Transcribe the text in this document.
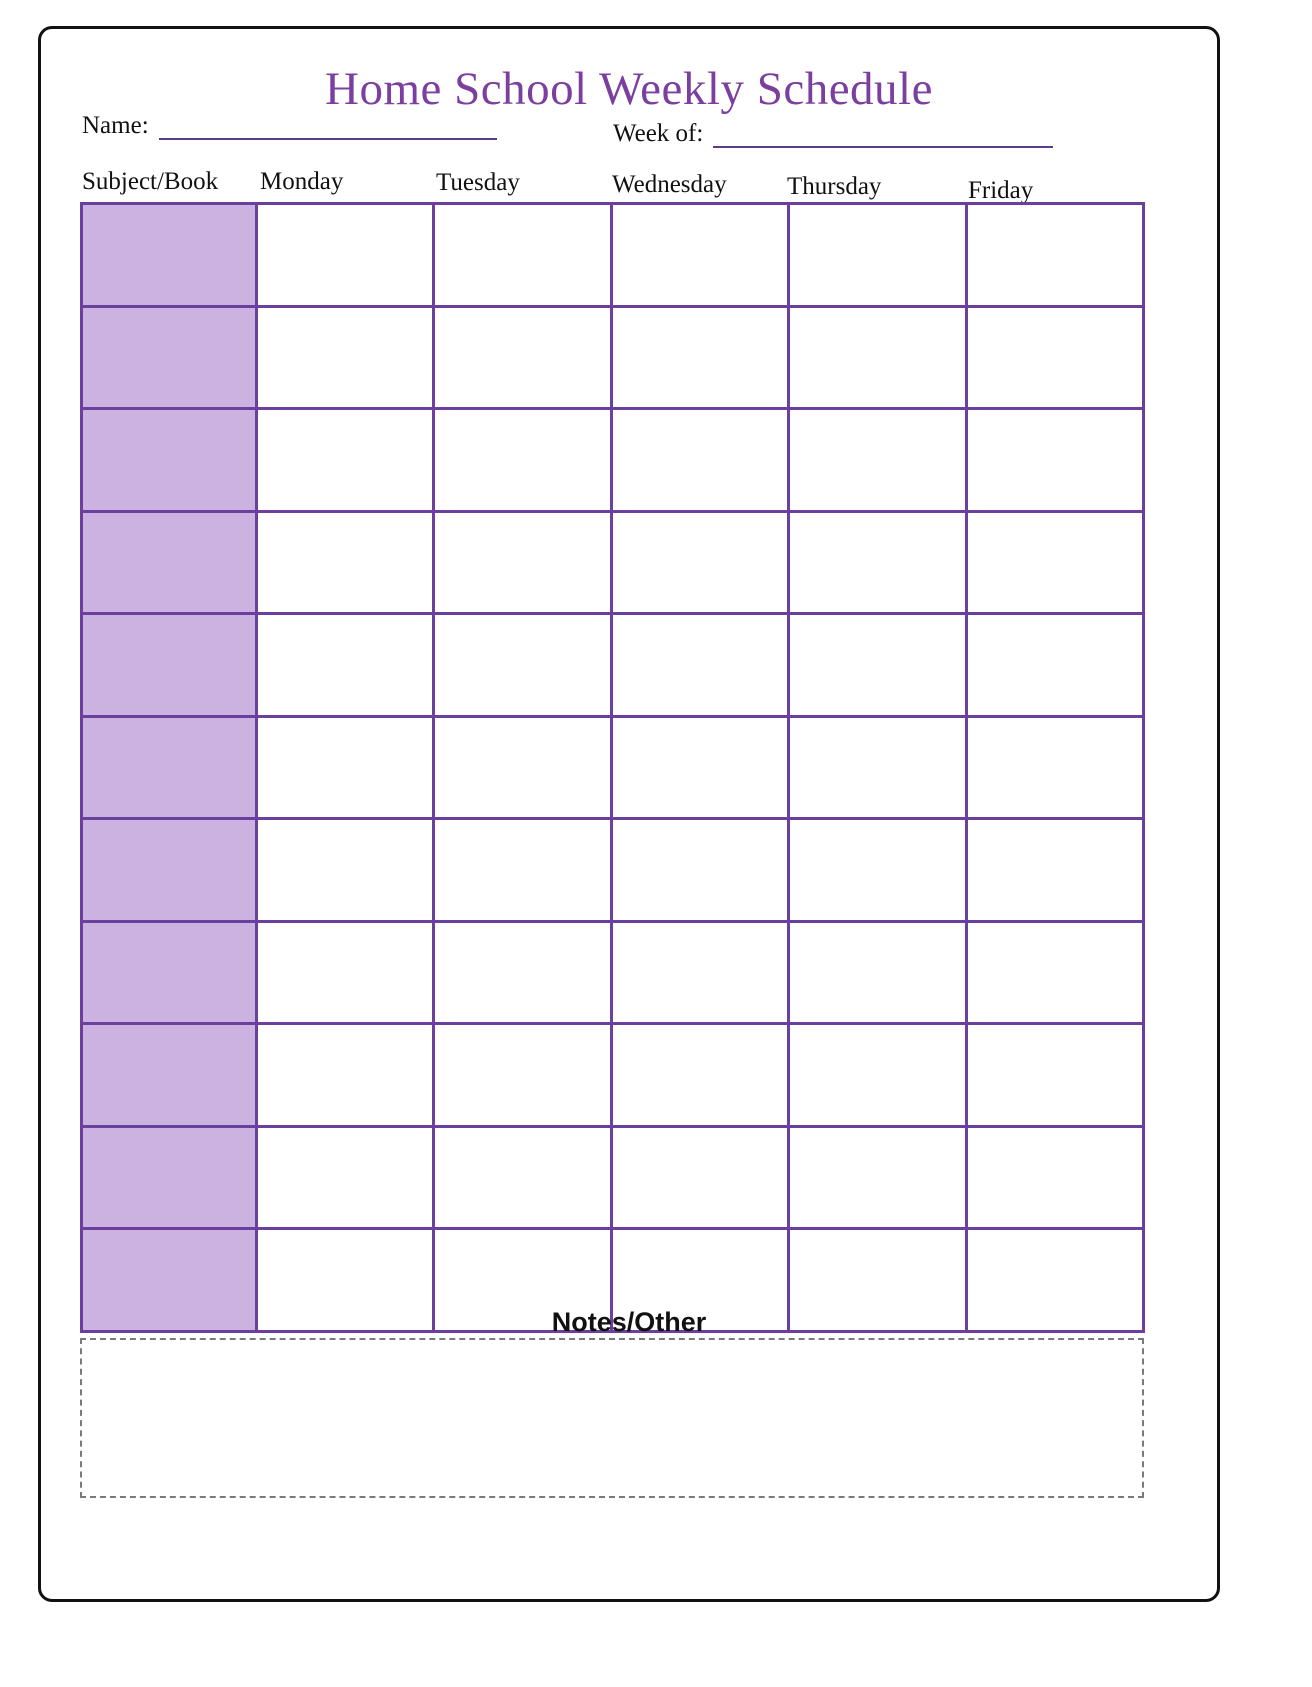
Home School Weekly Schedule
Name:	Week of:
Subject/Book Monday	Tuesday	Wednesday Thursday	Friday
Notes/Other
